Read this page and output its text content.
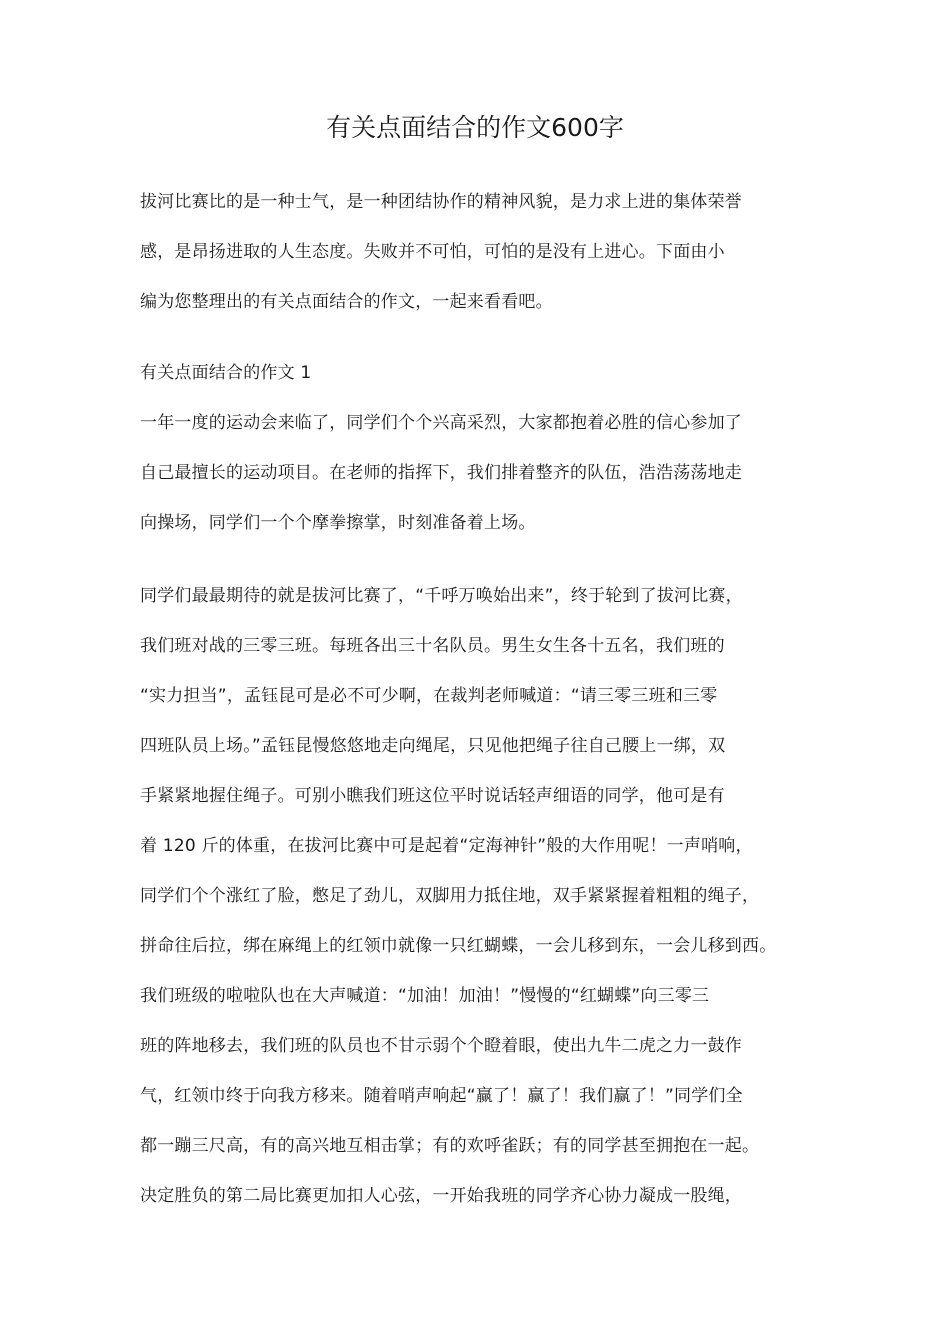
有关点面结合的作文600字
拔河比赛比的是一种士气，是一种团结协作的精神风貌，是力求上进的集体荣誉
感，是昂扬进取的人生态度。失败并不可怕，可怕的是没有上进心。下面由小
编为您整理出的有关点面结合的作文，一起来看看吧。
有关点面结合的作文 1
一年一度的运动会来临了，同学们个个兴高采烈，大家都抱着必胜的信心参加了
自己最擅长的运动项目。在老师的指挥下，我们排着整齐的队伍，浩浩荡荡地走
向操场，同学们一个个摩拳擦掌，时刻准备着上场。
同学们最最期待的就是拔河比赛了，“千呼万唤始出来”，终于轮到了拔河比赛，
我们班对战的三零三班。每班各出三十名队员。男生女生各十五名，我们班的
“实力担当”，孟钰昆可是必不可少啊，在裁判老师喊道：“请三零三班和三零
四班队员上场。”孟钰昆慢悠悠地走向绳尾，只见他把绳子往自己腰上一绑，双
手紧紧地握住绳子。可别小瞧我们班这位平时说话轻声细语的同学，他可是有
着 120 斤的体重，在拔河比赛中可是起着“定海神针”般的大作用呢！一声哨响，
同学们个个涨红了脸，憋足了劲儿，双脚用力抵住地，双手紧紧握着粗粗的绳子，
拼命往后拉，绑在麻绳上的红领巾就像一只红蝴蝶，一会儿移到东，一会儿移到西。
我们班级的啦啦队也在大声喊道：“加油！加油！”慢慢的“红蝴蝶”向三零三
班的阵地移去，我们班的队员也不甘示弱个个瞪着眼，使出九牛二虎之力一鼓作
气，红领巾终于向我方移来。随着哨声响起“赢了！赢了！我们赢了！”同学们全
都一蹦三尺高，有的高兴地互相击掌；有的欢呼雀跃；有的同学甚至拥抱在一起。
决定胜负的第二局比赛更加扣人心弦，一开始我班的同学齐心协力凝成一股绳，
